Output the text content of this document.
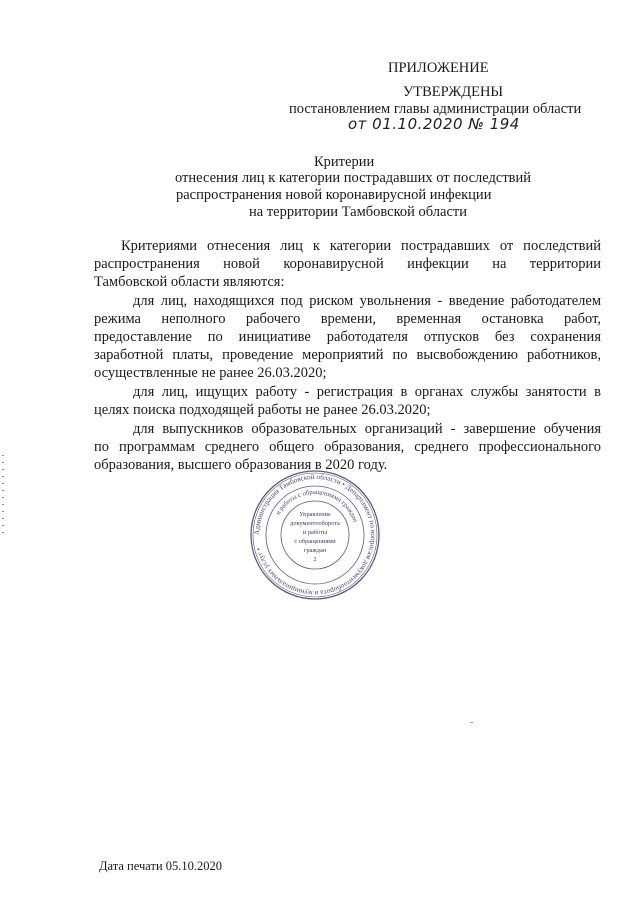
ПРИЛОЖЕНИЕ
УТВЕРЖДЕНЫ
постановлением главы администрации области
от 01.10.2020 № 194
Критерии
отнесения лиц к категории пострадавших от последствий
распространения новой коронавирусной инфекции
на территории Тамбовской области
Критериями отнесения лиц к категории пострадавших от последствий
распространения новой коронавирусной инфекции на территории
Тамбовской области являются:
для лиц, находящихся под риском увольнения - введение работодателем
режима неполного рабочего времени, временная остановка работ,
предоставление по инициативе работодателя отпусков без сохранения
заработной платы, проведение мероприятий по высвобождению работников,
осуществленные не ранее 26.03.2020;
для лиц, ищущих работу - регистрация в органах службы занятости в
целях поиска подходящей работы не ранее 26.03.2020;
для выпускников образовательных организаций - завершение обучения
по программам среднего общего образования, среднего профессионального
образования, высшего образования в 2020 году.
Администрация Тамбовской области • Департамент по вопросам документооборота и муниципальных услуг •
и работы с обращениями граждан
Управление
документооборота
и работы
с обращениями
граждан
2
Дата печати 05.10.2020
